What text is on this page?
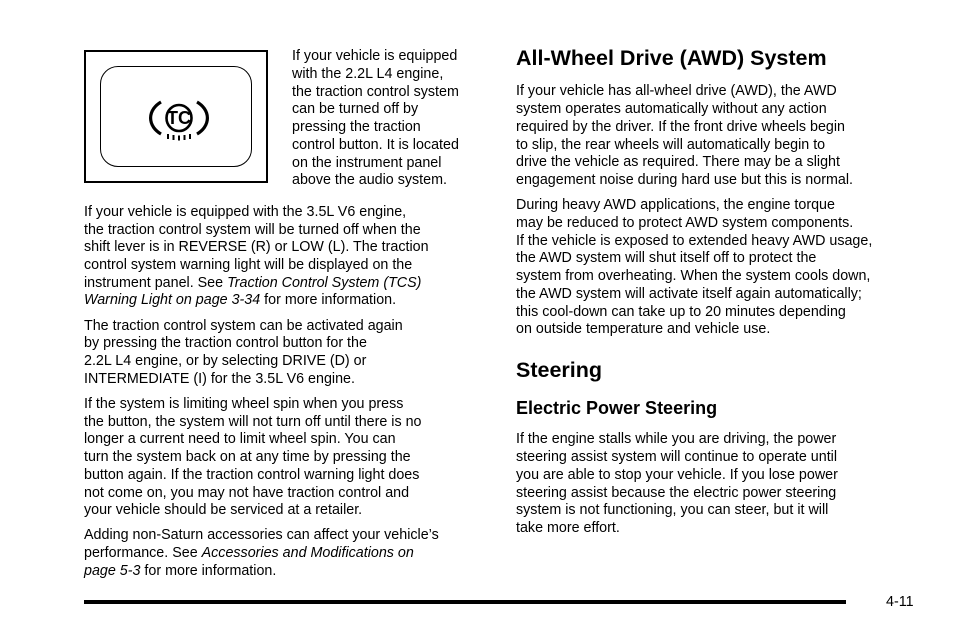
TC
If your vehicle is equipped
with the 2.2L L4 engine,
the traction control system
can be turned off by
pressing the traction
control button. It is located
on the instrument panel
above the audio system.
If your vehicle is equipped with the 3.5L V6 engine,
the traction control system will be turned off when the
shift lever is in REVERSE (R) or LOW (L). The traction
control system warning light will be displayed on the
instrument panel. See Traction Control System (TCS)
Warning Light on page 3-34 for more information.
The traction control system can be activated again
by pressing the traction control button for the
2.2L L4 engine, or by selecting DRIVE (D) or
INTERMEDIATE (I) for the 3.5L V6 engine.
If the system is limiting wheel spin when you press
the button, the system will not turn off until there is no
longer a current need to limit wheel spin. You can
turn the system back on at any time by pressing the
button again. If the traction control warning light does
not come on, you may not have traction control and
your vehicle should be serviced at a retailer.
Adding non-Saturn accessories can affect your vehicle’s
performance. See Accessories and Modifications on
page 5-3 for more information.
All-Wheel Drive (AWD) System
If your vehicle has all-wheel drive (AWD), the AWD
system operates automatically without any action
required by the driver. If the front drive wheels begin
to slip, the rear wheels will automatically begin to
drive the vehicle as required. There may be a slight
engagement noise during hard use but this is normal.
During heavy AWD applications, the engine torque
may be reduced to protect AWD system components.
If the vehicle is exposed to extended heavy AWD usage,
the AWD system will shut itself off to protect the
system from overheating. When the system cools down,
the AWD system will activate itself again automatically;
this cool-down can take up to 20 minutes depending
on outside temperature and vehicle use.
Steering
Electric Power Steering
If the engine stalls while you are driving, the power
steering assist system will continue to operate until
you are able to stop your vehicle. If you lose power
steering assist because the electric power steering
system is not functioning, you can steer, but it will
take more effort.
4-11
